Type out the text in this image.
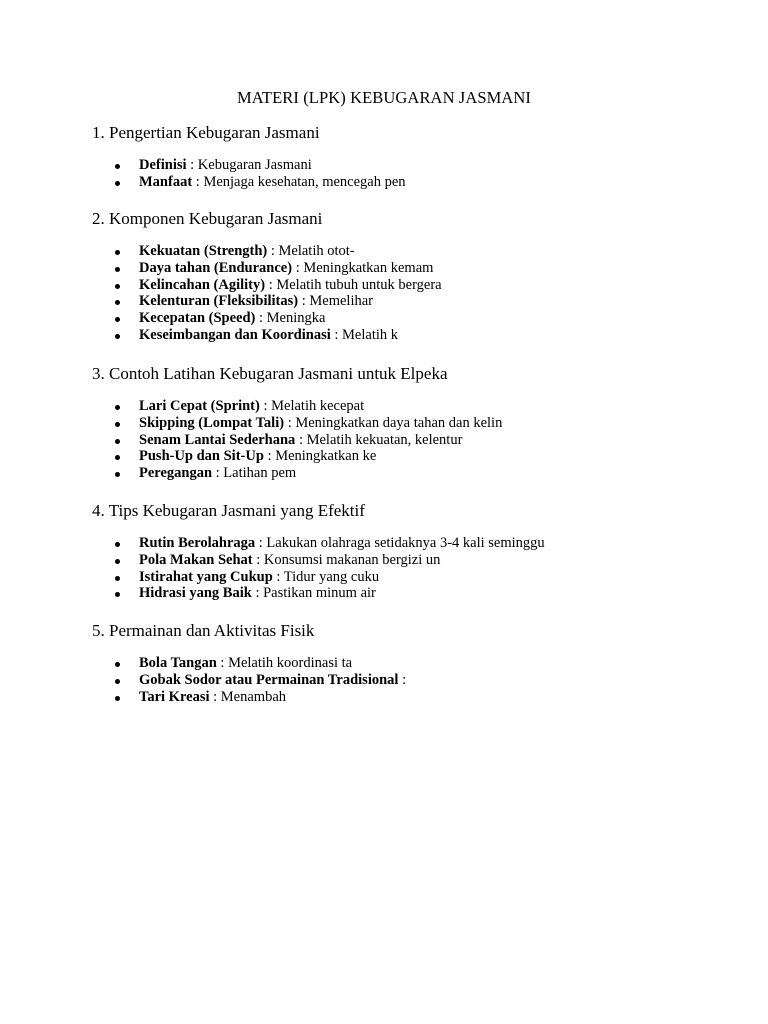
MATERI (LPK) KEBUGARAN JASMANI
1. Pengertian Kebugaran Jasmani
Definisi : Kebugaran Jasmani
Manfaat : Menjaga kesehatan, mencegah pen
2. Komponen Kebugaran Jasmani
Kekuatan (Strength) : Melatih otot-
Daya tahan (Endurance) : Meningkatkan kemam
Kelincahan (Agility) : Melatih tubuh untuk bergera
Kelenturan (Fleksibilitas) : Memelihar
Kecepatan (Speed) : Meningka
Keseimbangan dan Koordinasi : Melatih k
3. Contoh Latihan Kebugaran Jasmani untuk Elpeka
Lari Cepat (Sprint) : Melatih kecepat
Skipping (Lompat Tali) : Meningkatkan daya tahan dan kelin
Senam Lantai Sederhana : Melatih kekuatan, kelentur
Push-Up dan Sit-Up : Meningkatkan ke
Peregangan : Latihan pem
4. Tips Kebugaran Jasmani yang Efektif
Rutin Berolahraga : Lakukan olahraga setidaknya 3-4 kali seminggu
Pola Makan Sehat : Konsumsi makanan bergizi un
Istirahat yang Cukup : Tidur yang cuku
Hidrasi yang Baik : Pastikan minum air
5. Permainan dan Aktivitas Fisik
Bola Tangan : Melatih koordinasi ta
Gobak Sodor atau Permainan Tradisional :
Tari Kreasi : Menambah
